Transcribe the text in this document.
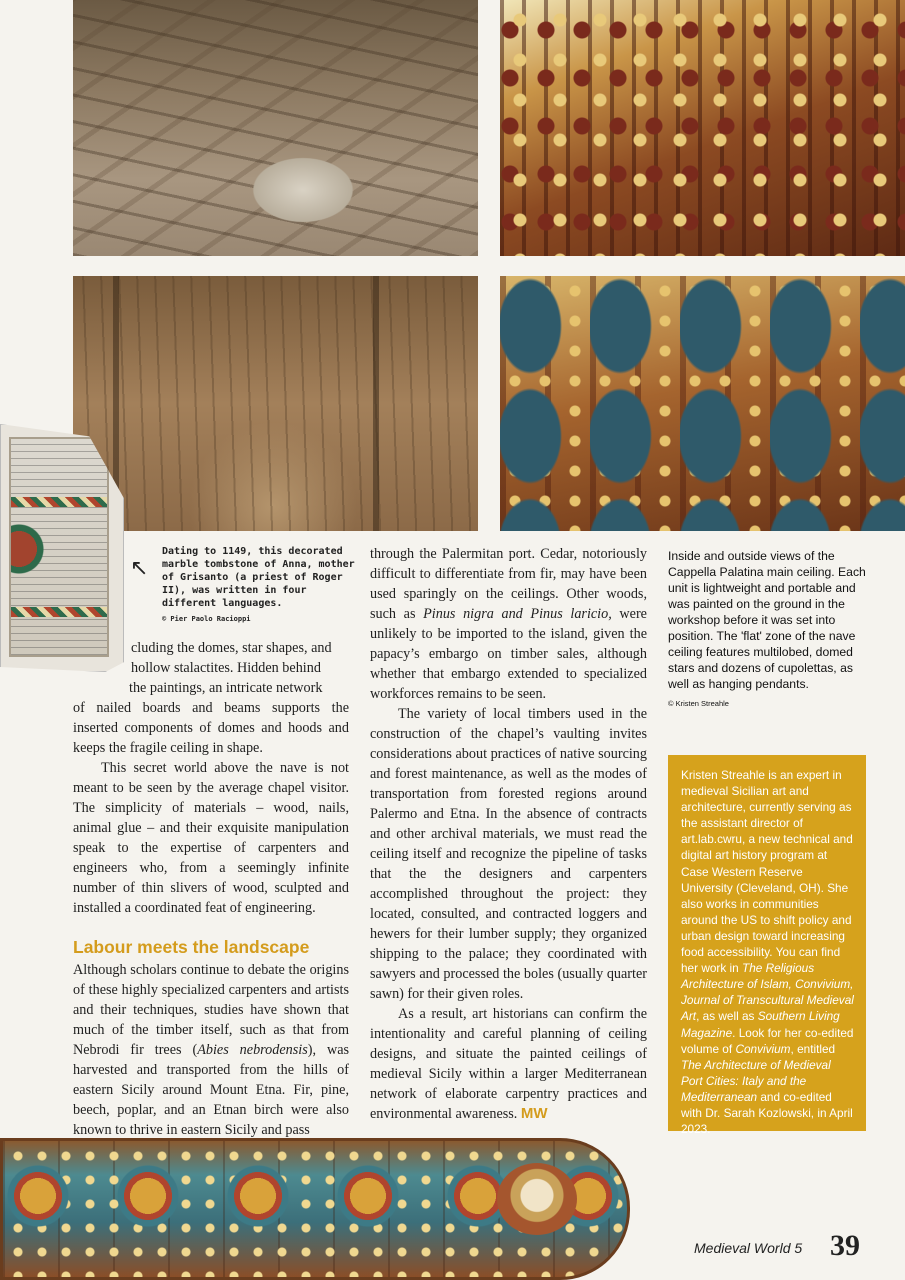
↖
Dating to 1149, this decorated marble tombstone of Anna, mother of Grisanto (a priest of Roger II), was written in four different languages.
© Pier Paolo Racioppi

cluding the domes, star shapes, and

hollow stalactites. Hidden behind

the paintings, an intricate network

of nailed boards and beams supports the inserted components of domes and hoods and keeps the fragile ceiling in shape.

This secret world above the nave is not meant to be seen by the average chapel visitor. The simplicity of materials – wood, nails, animal glue – and their exquisite manipulation speak to the expertise of carpenters and engineers who, from a seemingly infinite number of thin slivers of wood, sculpted and installed a coordinated feat of engineering.

Labour meets the landscape

Although scholars continue to debate the origins of these highly specialized carpenters and artists and their techniques, studies have shown that much of the timber itself, such as that from Nebrodi fir trees (Abies nebrodensis), was harvested and transported from the hills of eastern Sicily around Mount Etna. Fir, pine, beech, poplar, and an Etnan birch were also known to thrive in eastern Sicily and pass

through the Palermitan port. Cedar, notoriously difficult to differentiate from fir, may have been used sparingly on the ceilings. Other woods, such as Pinus nigra and Pinus laricio, were unlikely to be imported to the island, given the papacy’s embargo on timber sales, although whether that embargo extended to specialized workforces remains to be seen.

The variety of local timbers used in the construction of the chapel’s vaulting invites considerations about practices of native sourcing and forest maintenance, as well as the modes of transportation from forested regions around Palermo and Etna. In the absence of contracts and other archival materials, we must read the ceiling itself and recognize the pipeline of tasks that the the designers and carpenters accomplished throughout the project: they located, consulted, and contracted loggers and hewers for their lumber supply; they organized shipping to the palace; they coordinated with sawyers and processed the boles (usually quarter sawn) for their given roles.

As a result, art historians can confirm the intentionality and careful planning of ceiling designs, and situate the painted ceilings of medieval Sicily within a larger Mediterranean network of elaborate carpentry practices and environmental awareness. MW

Inside and outside views of the Cappella Palatina main ceiling. Each unit is lightweight and portable and was painted on the ground in the workshop before it was set into position. The 'flat' zone of the nave ceiling features multilobed, domed stars and dozens of cupolettas, as well as hanging pendants.
© Kristen Streahle
Kristen Streahle is an expert in medieval Sicilian art and architecture, currently serving as the assistant director of art.lab.cwru, a new technical and digital art history program at Case Western Reserve University (Cleveland, OH). She also works in communities around the US to shift policy and urban design toward increasing food accessibility. You can find her work in The Religious Architecture of Islam, Convivium, Journal of Transcultural Medieval Art, as well as Southern Living Magazine. Look for her co-edited volume of Convivium, entitled The Architecture of Medieval Port Cities: Italy and the Mediterranean and co-edited with Dr. Sarah Kozlowski, in April 2023.
Medieval World 5 39
